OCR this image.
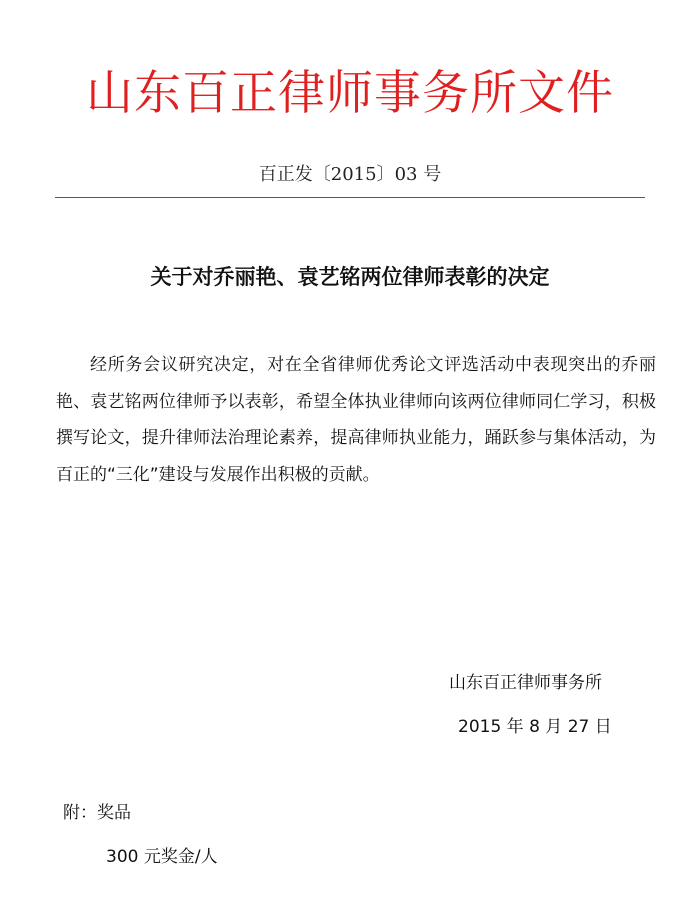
山东百正律师事务所文件
百正发〔2015〕03 号
关于对乔丽艳、袁艺铭两位律师表彰的决定
经所务会议研究决定，对在全省律师优秀论文评选活动中表现突出的乔丽艳、袁艺铭两位律师予以表彰，希望全体执业律师向该两位律师同仁学习，积极撰写论文，提升律师法治理论素养，提高律师执业能力，踊跃参与集体活动，为百正的“三化”建设与发展作出积极的贡献。
山东百正律师事务所
2015 年 8 月 27 日
附：奖品
300 元奖金/人
